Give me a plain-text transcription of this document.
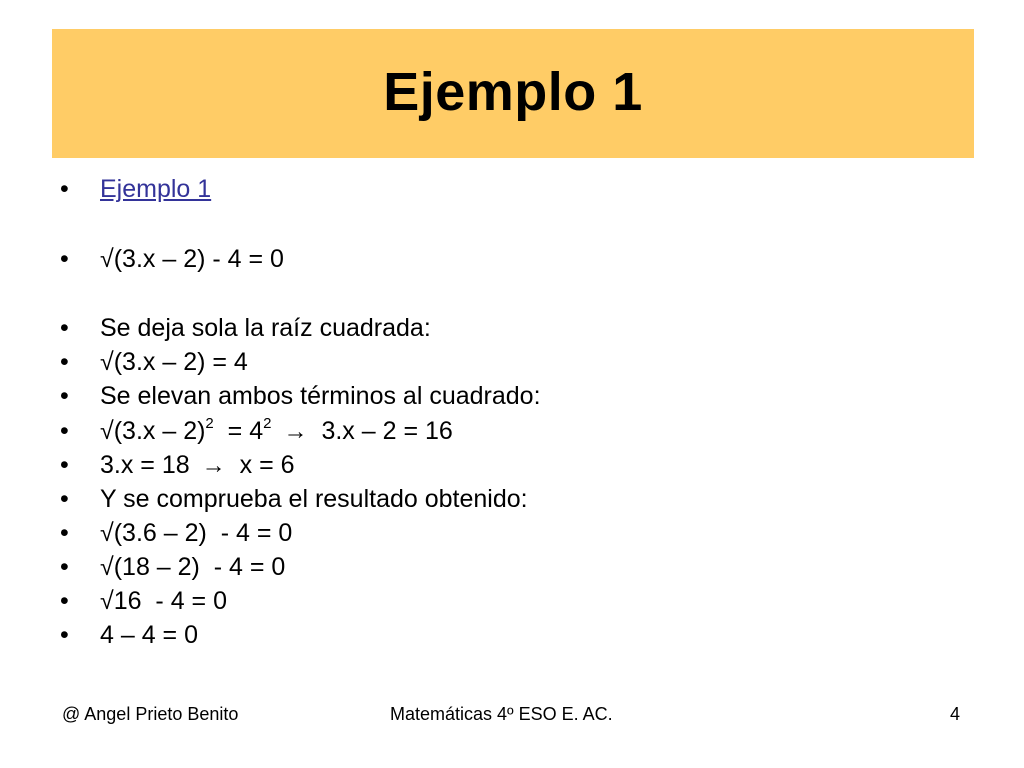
Ejemplo 1
•	Ejemplo 1
•	√(3.x – 2) - 4 = 0
•	Se deja sola la raíz cuadrada:
•	√(3.x – 2) = 4
•	Se elevan ambos términos al cuadrado:
•	$√(3.x - 2)^2 = 4^2 \to 3.x - 2 = 16$
•	3.x = 18 → x = 6
•	Y se comprueba el resultado obtenido:
•	√(3.6 – 2)  - 4 = 0
•	√(18 – 2)  - 4 = 0
•	√16  - 4 = 0
•	4 – 4 = 0
@ Angel Prieto Benito	Matemáticas 4º ESO E. AC.	4
